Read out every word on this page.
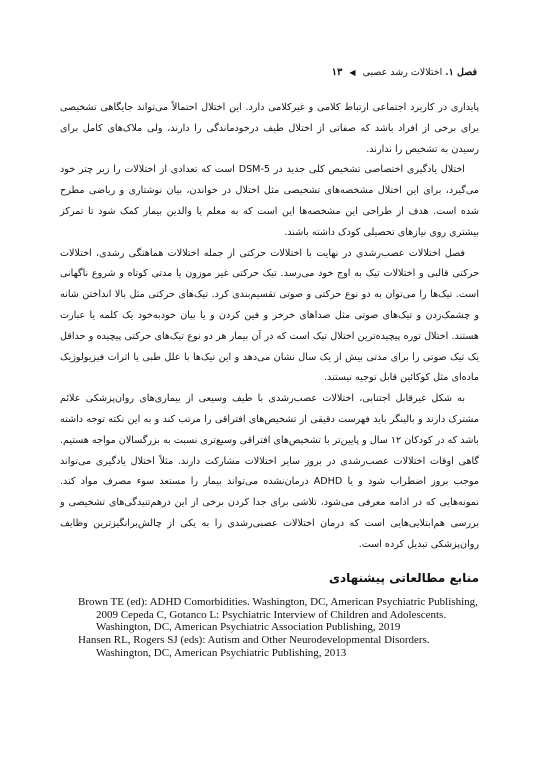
فصل ۱. اختلالات رشد عصبی ◀ ۱۳

پایداری در کاربرد اجتماعی ارتباط کلامی و غیرکلامی دارد. این اختلال احتمالاً می‌تواند جایگاهی تشخیصی برای برخی از افراد باشد که صفاتی از اختلال طیف درخودماندگی را دارند، ولی ملاک‌های کامل برای رسیدن به تشخیص را ندارند.

اختلال یادگیری اختصاصی تشخیص کلی جدید در DSM-5 است که تعدادی از اختلالات را زیر چتر خود می‌گیرد، برای این اختلال مشخصه‌های تشخیصی مثل اختلال در خواندن، بیان نوشتاری و ریاضی مطرح شده است. هدف از طراحی این مشخصه‌ها این است که به معلم یا والدین بیمار کمک شود تا تمرکز بیشتری روی نیازهای تحصیلی کودک داشته باشند.

فصل اختلالات عصب‌رشدی در نهایت با اختلالات حرکتی از جمله اختلالات هماهنگی رشدی، اختلالات حرکتی قالبی و اختلالات تیک به اوج خود می‌رسد. تیک حرکتی غیر موزون یا مدتی کوتاه و شروع ناگهانی است. تیک‌ها را می‌توان به دو نوع حرکتی و صوتی تقسیم‌بندی کرد. تیک‌های حرکتی مثل بالا انداختن شانه و چشمک‌زدن و تیک‌های صوتی مثل صداهای خرخر و فین کردن و یا بیان خودبه‌خود یک کلمه یا عبارت هستند. اختلال توره پیچیده‌ترین اختلال تیک است که در آن بیمار هر دو نوع تیک‌های حرکتی پیچیده و حداقل یک تیک صوتی را برای مدتی بیش از یک سال نشان می‌دهد و این تیک‌ها با علل طبی یا اثرات فیزیولوژیک ماده‌ای مثل کوکائین قابل توجیه نیستند.

به شکل غیرقابل اجتنابی، اختلالات عصب‌رشدی با طیف وسیعی از بیماری‌های روان‌پزشکی علائم مشترک دارند و بالینگر باید فهرست دقیقی از تشخیص‌های افتراقی را مرتب کند و به این نکته توجه داشته باشد که در کودکان ۱۲ سال و پایین‌تر با تشخیص‌های افتراقی وسیع‌تری نسبت به بزرگسالان مواجه هستیم. گاهی اوقات اختلالات عصب‌رشدی در بروز سایر اختلالات مشارکت دارند. مثلاً اختلال یادگیری می‌تواند موجب بروز اضطراب شود و یا ADHD درمان‌نشده می‌تواند بیمار را مستعد سوء مصرف مواد کند. نمونه‌هایی که در ادامه معرفی می‌شود، تلاشی برای جدا کردن برخی از این درهم‌تنیدگی‌های تشخیصی و بررسی هم‌ابتلایی‌هایی است که درمان اختلالات عصبی‌رشدی را به یکی از چالش‌برانگیزترین وظایف روان‌پزشکی تبدیل کرده است.

منابع مطالعاتی پیشنهادی

Brown TE (ed): ADHD Comorbidities. Washington, DC, American Psychiatric Publishing, 2009 Cepeda C, Gotanco L: Psychiatric Interview of Children and Adolescents. Washington, DC, American Psychiatric Association Publishing, 2019

Hansen RL, Rogers SJ (eds): Autism and Other Neurodevelopmental Disorders. Washington, DC, American Psychiatric Publishing, 2013
